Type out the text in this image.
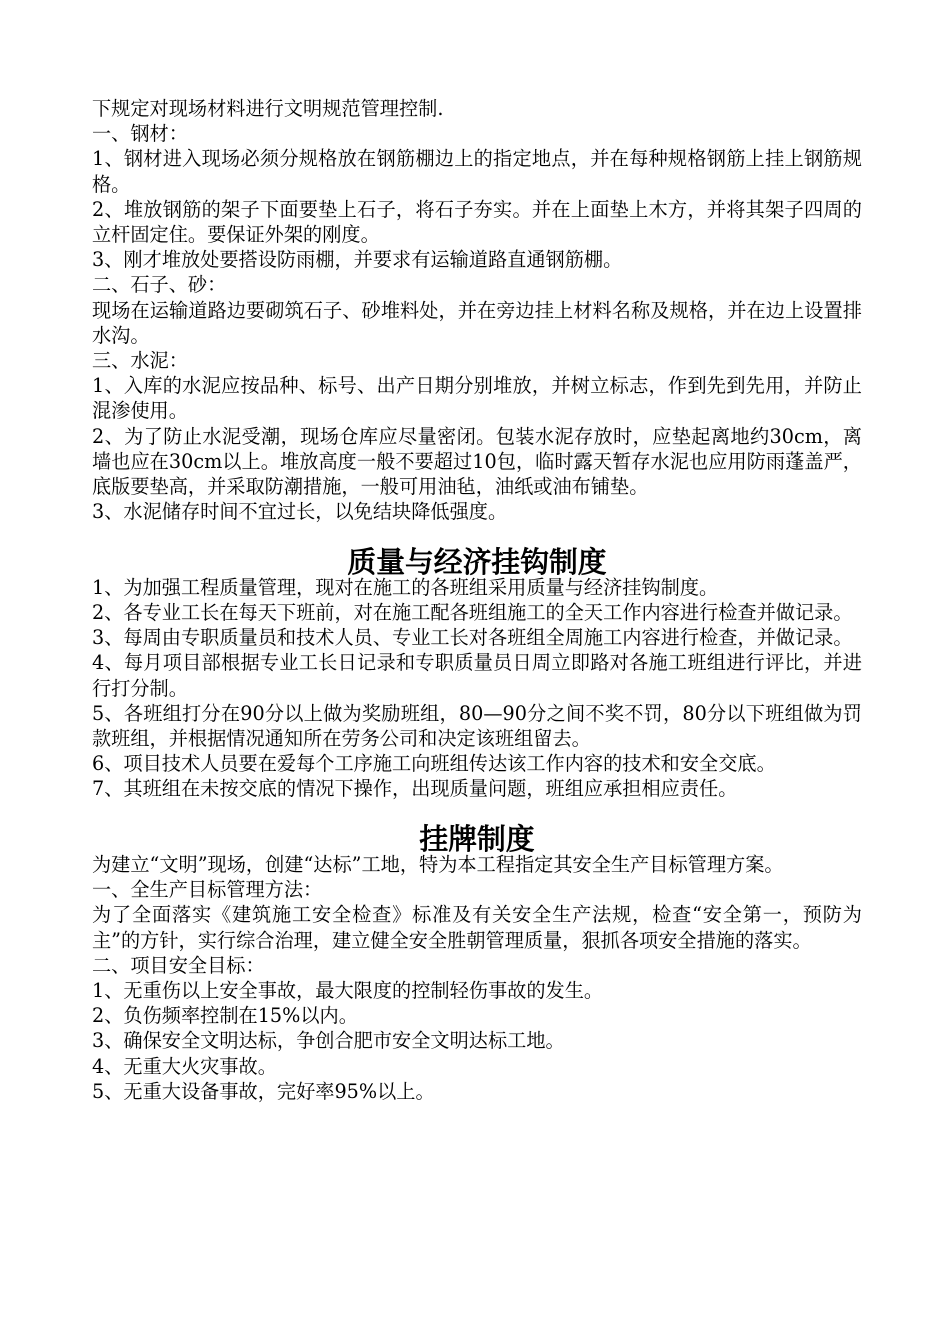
下规定对现场材料进行文明规范管理控制.

一、钢材：

1、钢材进入现场必须分规格放在钢筋棚边上的指定地点，并在每种规格钢筋上挂上钢筋规格。

2、堆放钢筋的架子下面要垫上石子，将石子夯实。并在上面垫上木方，并将其架子四周的立杆固定住。要保证外架的刚度。

3、刚才堆放处要搭设防雨棚，并要求有运输道路直通钢筋棚。

二、石子、砂：

现场在运输道路边要砌筑石子、砂堆料处，并在旁边挂上材料名称及规格，并在边上设置排水沟。

三、水泥：

1、入库的水泥应按品种、标号、出产日期分别堆放，并树立标志，作到先到先用，并防止混渗使用。

2、为了防止水泥受潮，现场仓库应尽量密闭。包装水泥存放时，应垫起离地约30cm，离墙也应在30cm以上。堆放高度一般不要超过10包，临时露天暂存水泥也应用防雨蓬盖严，底版要垫高，并采取防潮措施，一般可用油毡，油纸或油布铺垫。

3、水泥储存时间不宜过长，以免结块降低强度。

质量与经济挂钩制度

1、为加强工程质量管理，现对在施工的各班组采用质量与经济挂钩制度。

2、各专业工长在每天下班前，对在施工配各班组施工的全天工作内容进行检查并做记录。

3、每周由专职质量员和技术人员、专业工长对各班组全周施工内容进行检查，并做记录。

4、每月项目部根据专业工长日记录和专职质量员日周立即路对各施工班组进行评比，并进行打分制。

5、各班组打分在90分以上做为奖励班组，80—90分之间不奖不罚，80分以下班组做为罚款班组，并根据情况通知所在劳务公司和决定该班组留去。

6、项目技术人员要在爱每个工序施工向班组传达该工作内容的技术和安全交底。

7、其班组在未按交底的情况下操作，出现质量问题，班组应承担相应责任。

挂牌制度

为建立“文明”现场，创建“达标”工地，特为本工程指定其安全生产目标管理方案。

一、全生产目标管理方法：

为了全面落实《建筑施工安全检查》标准及有关安全生产法规，检查“安全第一，预防为主”的方针，实行综合治理，建立健全安全胜朝管理质量，狠抓各项安全措施的落实。

二、项目安全目标：

1、无重伤以上安全事故，最大限度的控制轻伤事故的发生。

2、负伤频率控制在15%以内。

3、确保安全文明达标，争创合肥市安全文明达标工地。

4、无重大火灾事故。

5、无重大设备事故，完好率95%以上。
